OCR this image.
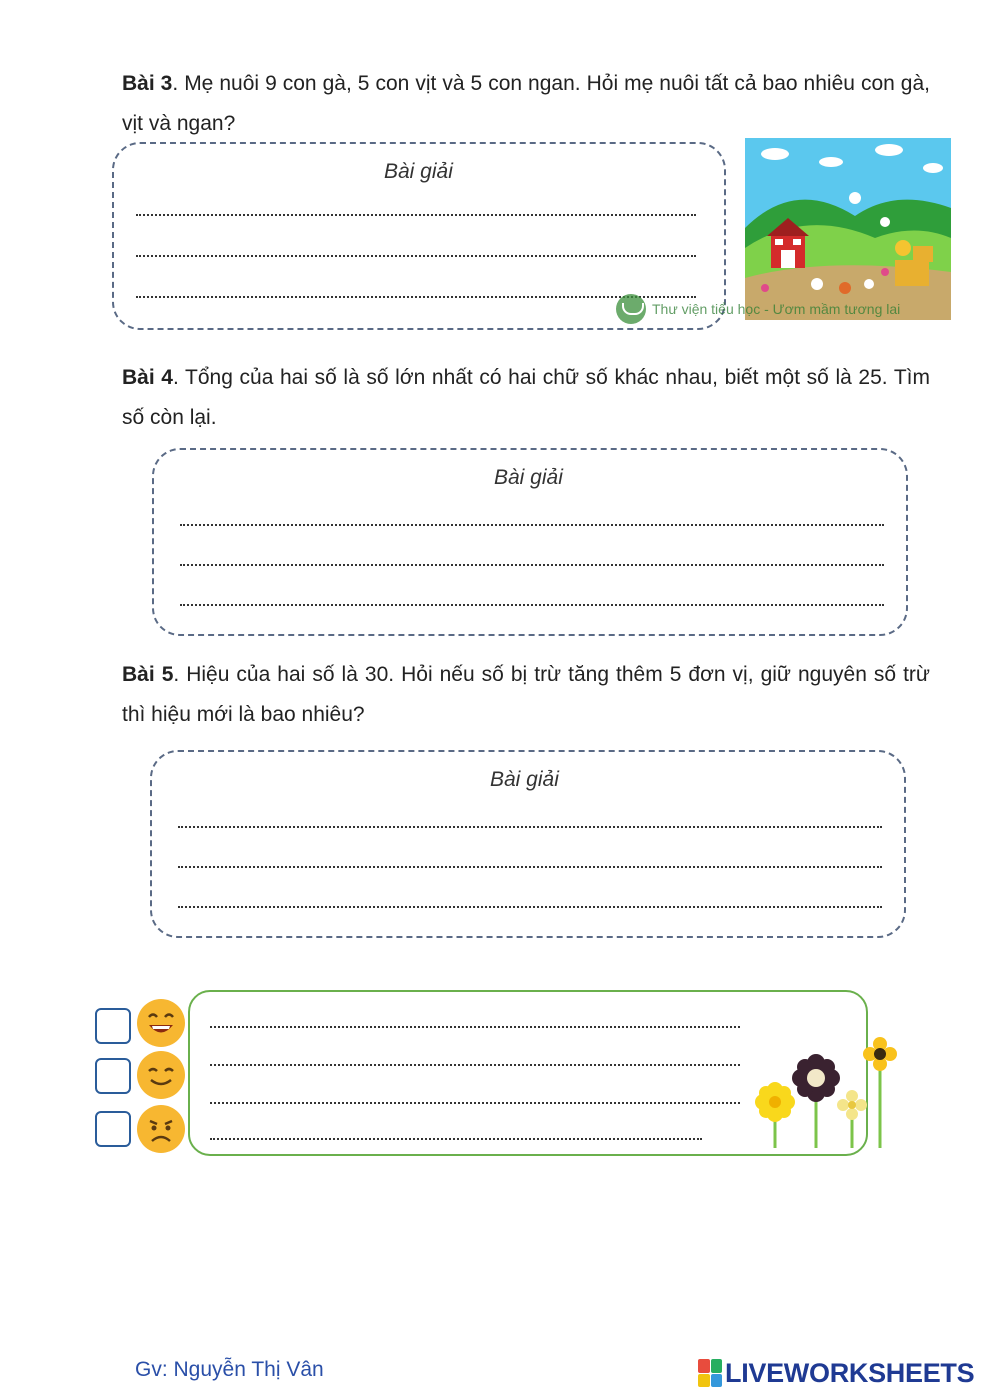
Bài 3. Mẹ nuôi 9 con gà, 5 con vịt và 5 con ngan. Hỏi mẹ nuôi tất cả bao nhiêu con gà, vịt và ngan?

Bài giải
Thư viện tiểu học - Ươm mầm tương lai

Bài 4. Tổng của hai số là số lớn nhất có hai chữ số khác nhau, biết một số là 25. Tìm số còn lại.

Bài giải

Bài 5. Hiệu của hai số là 30. Hỏi nếu số bị trừ tăng thêm 5 đơn vị, giữ nguyên số trừ thì hiệu mới là bao nhiêu?

Bài giải
Gv: Nguyễn Thị Vân	LIVEWORKSHEETS
